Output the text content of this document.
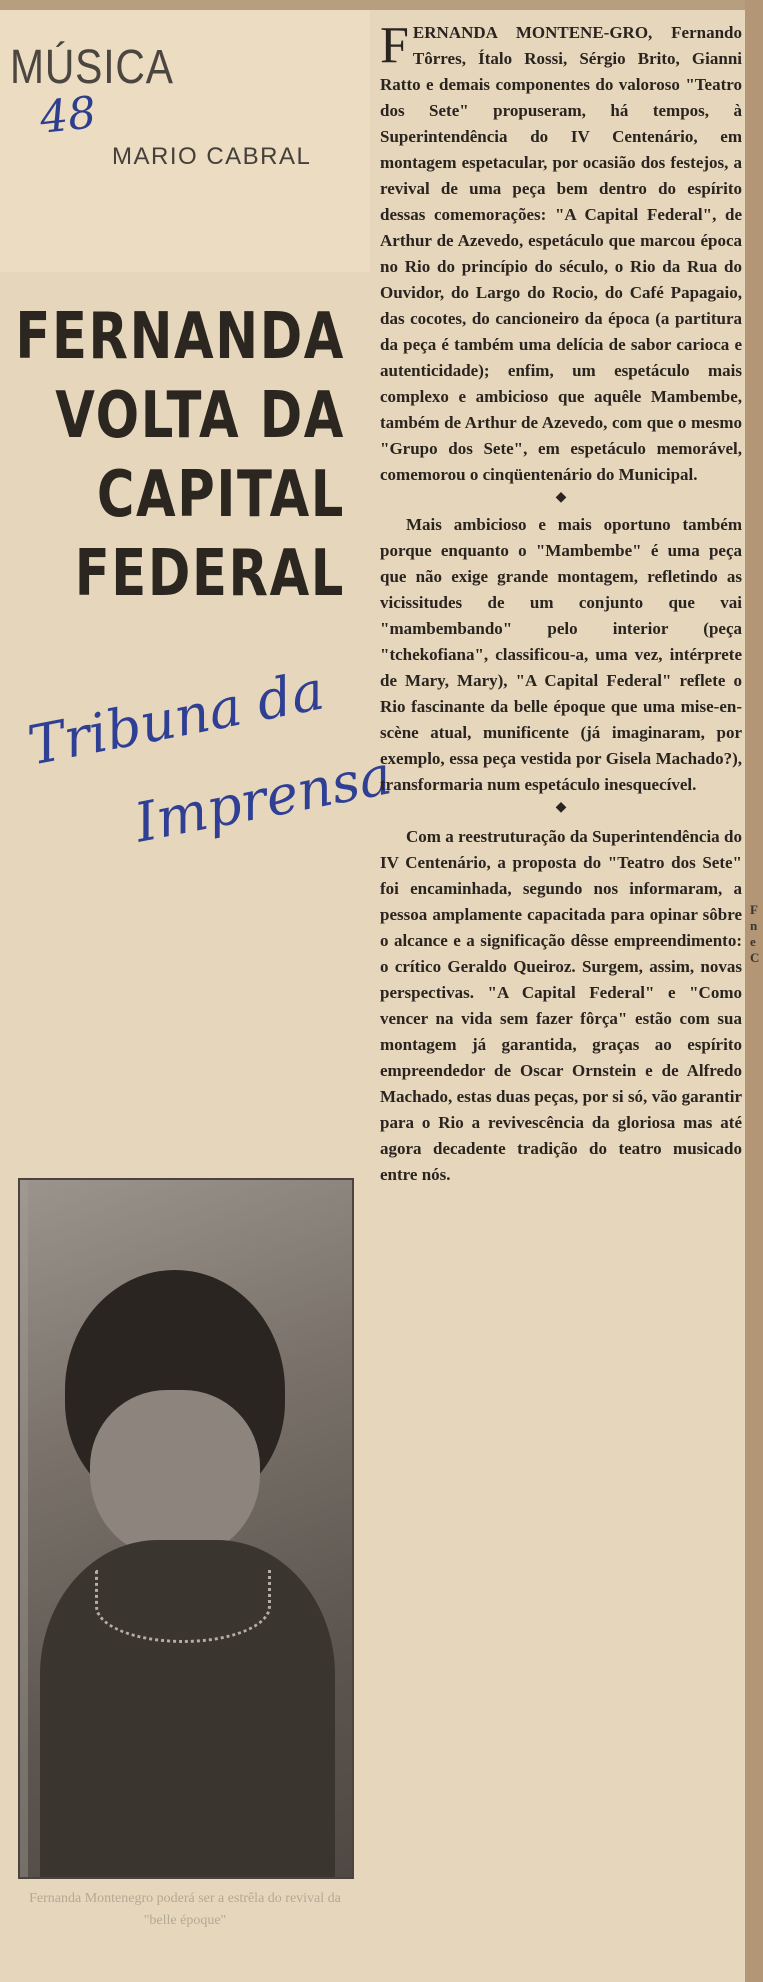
MÚSICA
48
MARIO CABRAL
FERNANDA
VOLTA DA
CAPITAL
FEDERAL
Tribuna da
Imprensa
Fernanda Montenegro poderá ser a estrêla do revival da "belle époque"

FERNANDA MONTENE-GRO, Fernando Tôrres, Ítalo Rossi, Sérgio Brito, Gianni Ratto e demais componentes do valoroso "Teatro dos Sete" propuseram, há tempos, à Superintendência do IV Centenário, em montagem espetacular, por ocasião dos festejos, a revival de uma peça bem dentro do espírito dessas comemorações: "A Capital Federal", de Arthur de Azevedo, espetáculo que marcou época no Rio do princípio do século, o Rio da Rua do Ouvidor, do Largo do Rocio, do Café Papagaio, das cocotes, do cancioneiro da época (a partitura da peça é também uma delícia de sabor carioca e autenticidade); enfim, um espetáculo mais complexo e ambicioso que aquêle Mambembe, também de Arthur de Azevedo, com que o mesmo "Grupo dos Sete", em espetáculo memorável, comemorou o cinqüentenário do Municipal.

◆

Mais ambicioso e mais oportuno também porque enquanto o "Mambembe" é uma peça que não exige grande montagem, refletindo as vicissitudes de um conjunto que vai "mambembando" pelo interior (peça "tchekofiana", classificou-a, uma vez, intérprete de Mary, Mary), "A Capital Federal" reflete o Rio fascinante da belle époque que uma mise-en-scène atual, munificente (já imaginaram, por exemplo, essa peça vestida por Gisela Machado?), transformaria num espetáculo inesquecível.

◆

Com a reestruturação da Superintendência do IV Centenário, a proposta do "Teatro dos Sete" foi encaminhada, segundo nos informaram, a pessoa amplamente capacitada para opinar sôbre o alcance e a significação dêsse empreendimento: o crítico Geraldo Queiroz. Surgem, assim, novas perspectivas. "A Capital Federal" e "Como vencer na vida sem fazer fôrça" estão com sua montagem já garantida, graças ao espírito empreendedor de Oscar Ornstein e de Alfredo Machado, estas duas peças, por si só, vão garantir para o Rio a revivescência da gloriosa mas até agora decadente tradição do teatro musicado entre nós.

F n e C
